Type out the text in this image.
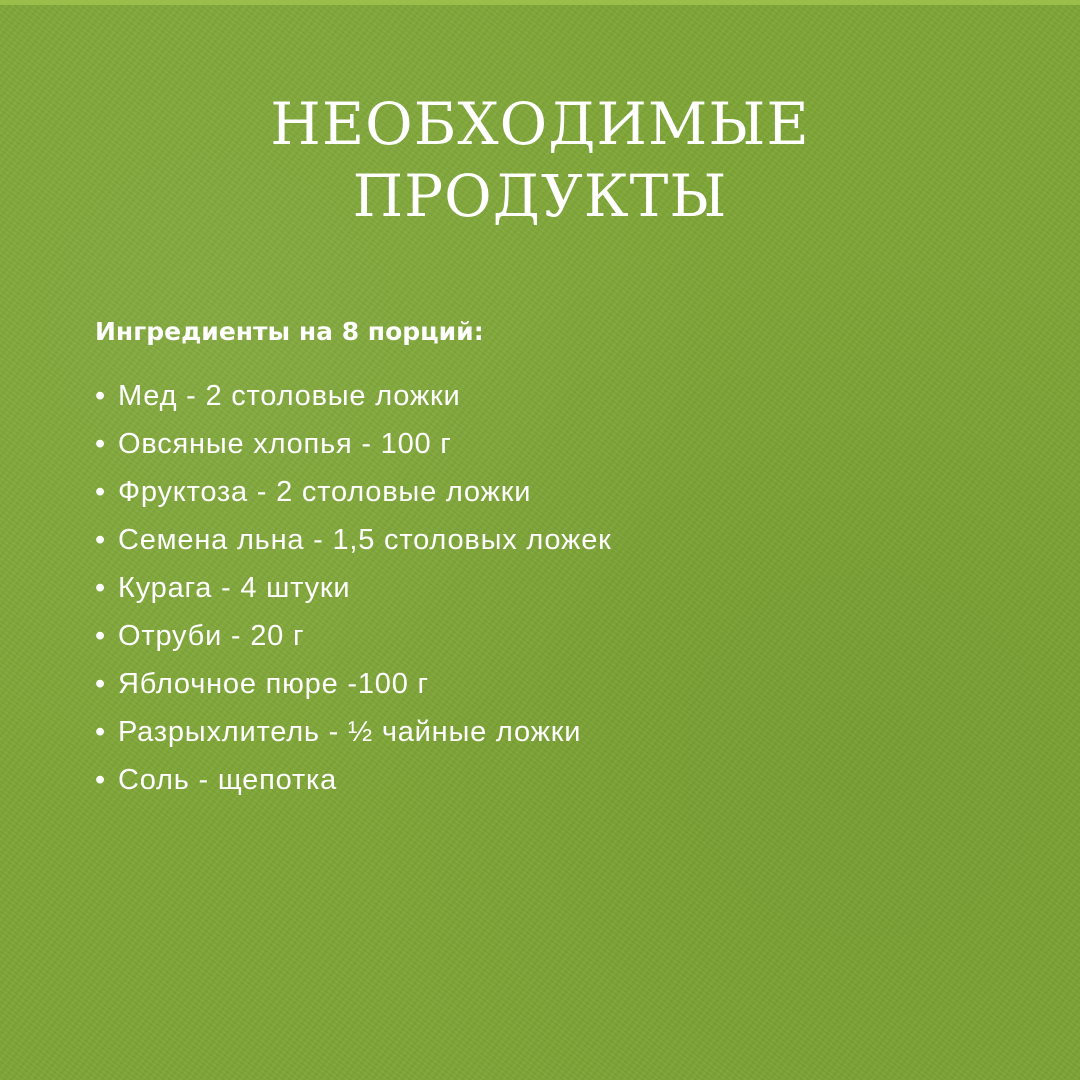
НЕОБХОДИМЫЕ
ПРОДУКТЫ

Ингредиенты на 8 порций:

• Мед - 2 столовые ложки
• Овсяные хлопья - 100 г
• Фруктоза - 2 столовые ложки
• Семена льна - 1,5 столовых ложек
• Курага - 4 штуки
• Отруби - 20 г
• Яблочное пюре -100 г
• Разрыхлитель - ½ чайные ложки
• Соль - щепотка
